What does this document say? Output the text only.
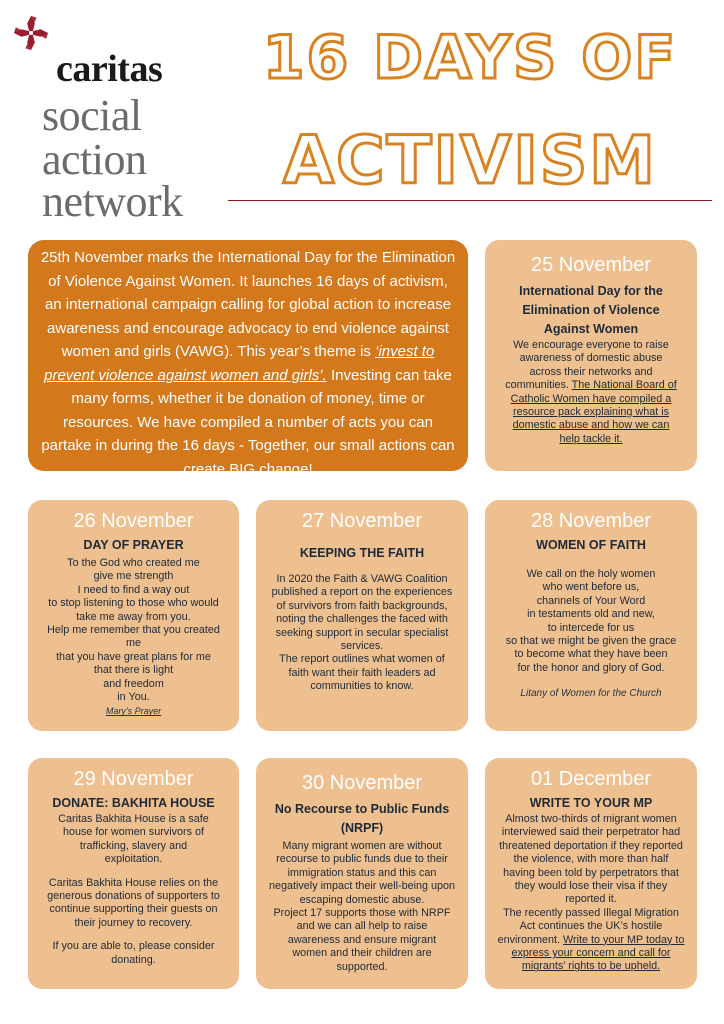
caritas
social
action
network
16 DAYS OF
ACTIVISM
25th November marks the International Day for the Elimination of Violence Against Women. It launches 16 days of activism, an international campaign calling for global action to increase awareness and encourage advocacy to end violence against women and girls (VAWG). This year’s theme is ‘invest to prevent violence against women and girls’. Investing can take many forms, whether it be donation of money, time or resources. We have compiled a number of acts you can partake in during the 16 days - Together, our small actions can create BIG change!
25 November
International Day for the Elimination of Violence Against Women
We encourage everyone to raise awareness of domestic abuse across their networks and communities. The National Board of Catholic Women have compiled a resource pack explaining what is domestic abuse and how we can help tackle it.
26 November
DAY OF PRAYER
To the God who created me
give me strength
I need to find a way out
to stop listening to those who would take me away from you.
Help me remember that you created me
that you have great plans for me
that there is light
and freedom
in You.
Mary's Prayer
27 November
KEEPING THE FAITH
In 2020 the Faith & VAWG Coalition published a report on the experiences of survivors from faith backgrounds, noting the challenges the faced with seeking support in secular specialist services.
The report outlines what women of faith want their faith leaders ad communities to know.
28 November
WOMEN OF FAITH
We call on the holy women
who went before us,
channels of Your Word
in testaments old and new,
to intercede for us
so that we might be given the grace
to become what they have been
for the honor and glory of God.
Litany of Women for the Church
29 November
DONATE: BAKHITA HOUSE
Caritas Bakhita House is a safe house for women survivors of trafficking, slavery and exploitation.
Caritas Bakhita House relies on the generous donations of supporters to continue supporting their guests on their journey to recovery.
If you are able to, please consider donating.
30 November
No Recourse to Public Funds (NRPF)
Many migrant women are without recourse to public funds due to their immigration status and this can negatively impact their well-being upon escaping domestic abuse.
Project 17 supports those with NRPF and we can all help to raise awareness and ensure migrant women and their children are supported.
01 December
WRITE TO YOUR MP
Almost two-thirds of migrant women interviewed said their perpetrator had threatened deportation if they reported the violence, with more than half having been told by perpetrators that they would lose their visa if they reported it.
The recently passed Illegal Migration Act continues the UK’s hostile environment. Write to your MP today to express your concern and call for migrants’ rights to be upheld.
